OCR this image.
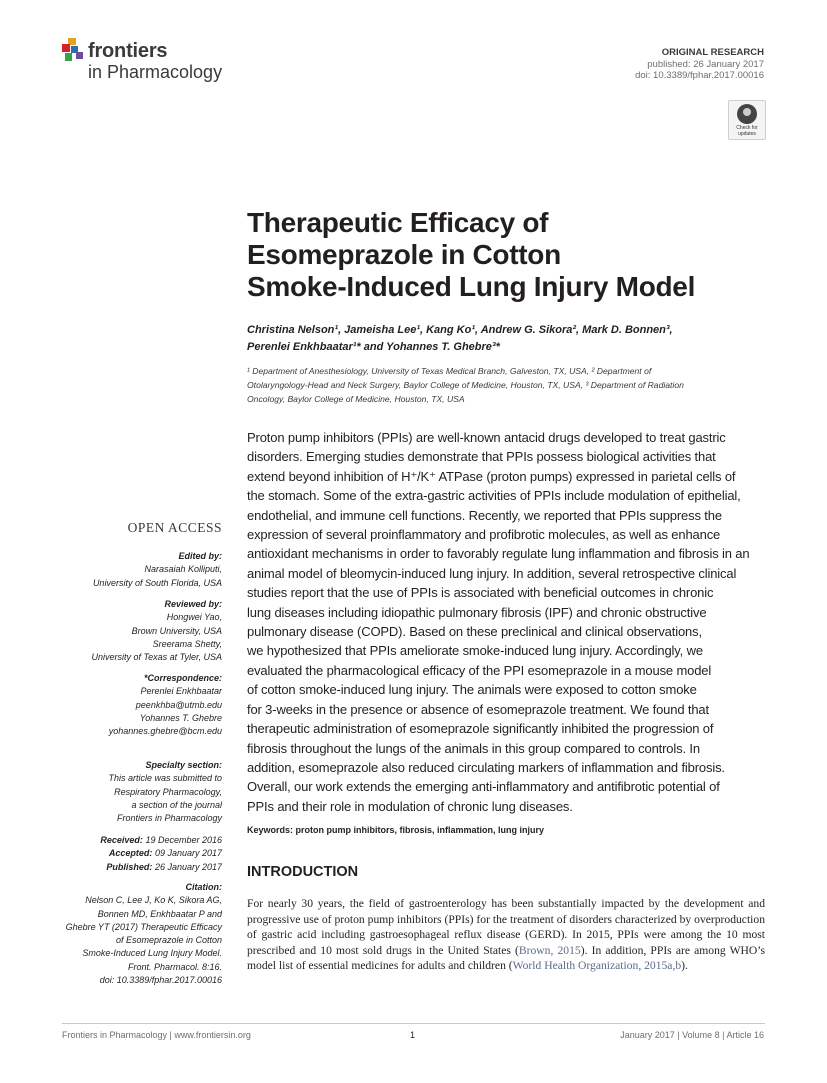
frontiers
in Pharmacology
ORIGINAL RESEARCH
published: 26 January 2017
doi: 10.3389/fphar.2017.00016
Check for
updates
Therapeutic Efficacy of
Esomeprazole in Cotton
Smoke-Induced Lung Injury Model
Christina Nelson¹, Jameisha Lee¹, Kang Ko¹, Andrew G. Sikora², Mark D. Bonnen³,
Perenlei Enkhbaatar¹* and Yohannes T. Ghebre³*
¹ Department of Anesthesiology, University of Texas Medical Branch, Galveston, TX, USA, ² Department of
Otolaryngology-Head and Neck Surgery, Baylor College of Medicine, Houston, TX, USA, ³ Department of Radiation
Oncology, Baylor College of Medicine, Houston, TX, USA
Proton pump inhibitors (PPIs) are well-known antacid drugs developed to treat gastric
disorders. Emerging studies demonstrate that PPIs possess biological activities that
extend beyond inhibition of H⁺/K⁺ ATPase (proton pumps) expressed in parietal cells of
the stomach. Some of the extra-gastric activities of PPIs include modulation of epithelial,
endothelial, and immune cell functions. Recently, we reported that PPIs suppress the
expression of several proinflammatory and profibrotic molecules, as well as enhance
antioxidant mechanisms in order to favorably regulate lung inflammation and fibrosis in an
animal model of bleomycin-induced lung injury. In addition, several retrospective clinical
studies report that the use of PPIs is associated with beneficial outcomes in chronic
lung diseases including idiopathic pulmonary fibrosis (IPF) and chronic obstructive
pulmonary disease (COPD). Based on these preclinical and clinical observations,
we hypothesized that PPIs ameliorate smoke-induced lung injury. Accordingly, we
evaluated the pharmacological efficacy of the PPI esomeprazole in a mouse model
of cotton smoke-induced lung injury. The animals were exposed to cotton smoke
for 3-weeks in the presence or absence of esomeprazole treatment. We found that
therapeutic administration of esomeprazole significantly inhibited the progression of
fibrosis throughout the lungs of the animals in this group compared to controls. In
addition, esomeprazole also reduced circulating markers of inflammation and fibrosis.
Overall, our work extends the emerging anti-inflammatory and antifibrotic potential of
PPIs and their role in modulation of chronic lung diseases.
Keywords: proton pump inhibitors, fibrosis, inflammation, lung injury
INTRODUCTION
For nearly 30 years, the field of gastroenterology has been substantially impacted by the development and progressive use of proton pump inhibitors (PPIs) for the treatment of disorders characterized by overproduction of gastric acid including gastroesophageal reflux disease (GERD). In 2015, PPIs were among the 10 most prescribed and 10 most sold drugs in the United States (Brown, 2015). In addition, PPIs are among WHO’s model list of essential medicines for adults and children (World Health Organization, 2015a,b).
OPEN ACCESS
Edited by:
Narasaiah Kolliputi,
University of South Florida, USA
Reviewed by:
Hongwei Yao,
Brown University, USA
Sreerama Shetty,
University of Texas at Tyler, USA
*Correspondence:
Perenlei Enkhbaatar
peenkhba@utmb.edu
Yohannes T. Ghebre
yohannes.ghebre@bcm.edu
Specialty section:
This article was submitted to
Respiratory Pharmacology,
a section of the journal
Frontiers in Pharmacology
Received: 19 December 2016
Accepted: 09 January 2017
Published: 26 January 2017
Citation:
Nelson C, Lee J, Ko K, Sikora AG,
Bonnen MD, Enkhbaatar P and
Ghebre YT (2017) Therapeutic Efficacy
of Esomeprazole in Cotton
Smoke-Induced Lung Injury Model.
Front. Pharmacol. 8:16.
doi: 10.3389/fphar.2017.00016
Frontiers in Pharmacology | www.frontiersin.org	1	January 2017 | Volume 8 | Article 16
